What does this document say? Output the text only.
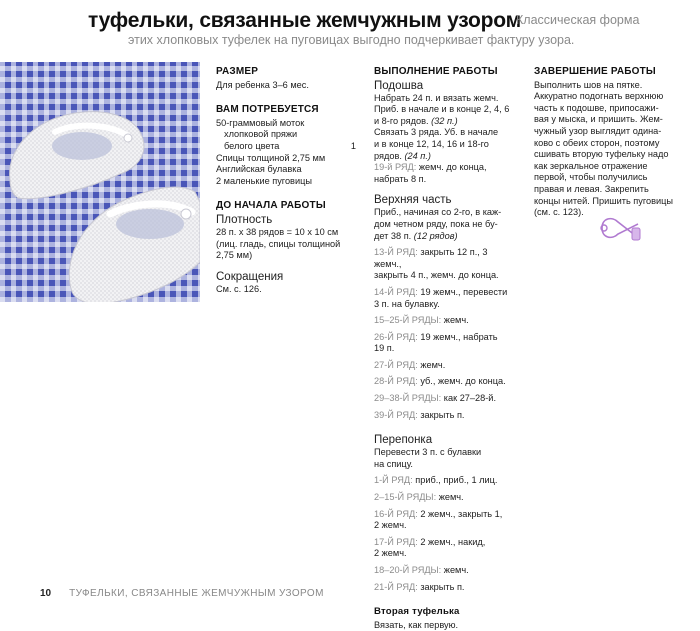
туфельки, связанные жемчужным узором
Классическая форма
этих хлопковых туфелек на пуговицах выгодно подчеркивает фактуру узора.
РАЗМЕР
Для ребенка 3–6 мес.
ВАМ ПОТРЕБУЕТСЯ
50-граммовый моток
хлопковой пряжи
белого цвета	1
Спицы толщиной 2,75 мм
Английская булавка
2 маленькие пуговицы
ДО НАЧАЛА РАБОТЫ
Плотность
28 п. x 38 рядов = 10 x 10 см
(лиц. гладь, спицы толщиной
2,75 мм)
Сокращения
См. с. 126.
ВЫПОЛНЕНИЕ РАБОТЫ
Подошва
Набрать 24 п. и вязать жемч.
Приб. в начале и в конце 2, 4, 6
и 8-го рядов. (32 п.)
Связать 3 ряда. Уб. в начале
и в конце 12, 14, 16 и 18-го
рядов. (24 п.)
19-й РЯД: жемч. до конца,
набрать 8 п.
Верхняя часть
Приб., начиная со 2-го, в каж-
дом четном ряду, пока не бу-
дет 38 п. (12 рядов)
13-Й РЯД: закрыть 12 п., 3 жемч.,
закрыть 4 п., жемч. до конца.
14-Й РЯД: 19 жемч., перевести
3 п. на булавку.
15–25-Й РЯДЫ: жемч.
26-Й РЯД: 19 жемч., набрать
19 п.
27-Й РЯД: жемч.
28-Й РЯД: уб., жемч. до конца.
29–38-Й РЯДЫ: как 27–28-й.
39-Й РЯД: закрыть п.
Перепонка
Перевести 3 п. с булавки
на спицу.
1-Й РЯД: приб., приб., 1 лиц.
2–15-Й РЯДЫ: жемч.
16-Й РЯД: 2 жемч., закрыть 1,
2 жемч.
17-Й РЯД: 2 жемч., накид,
2 жемч.
18–20-Й РЯДЫ: жемч.
21-Й РЯД: закрыть п.
Вторая туфелька
Вязать, как первую.
ЗАВЕРШЕНИЕ РАБОТЫ
Выполнить шов на пятке.
Аккуратно подогнать верхнюю
часть к подошве, припосажи-
вая у мыска, и пришить. Жем-
чужный узор выглядит одина-
ково с обеих сторон, поэтому
сшивать вторую туфельку надо
как зеркальное отражение
первой, чтобы получились
правая и левая. Закрепить
концы нитей. Пришить пуговицы
(см. с. 123).
10 ТУФЕЛЬКИ, СВЯЗАННЫЕ ЖЕМЧУЖНЫМ УЗОРОМ
